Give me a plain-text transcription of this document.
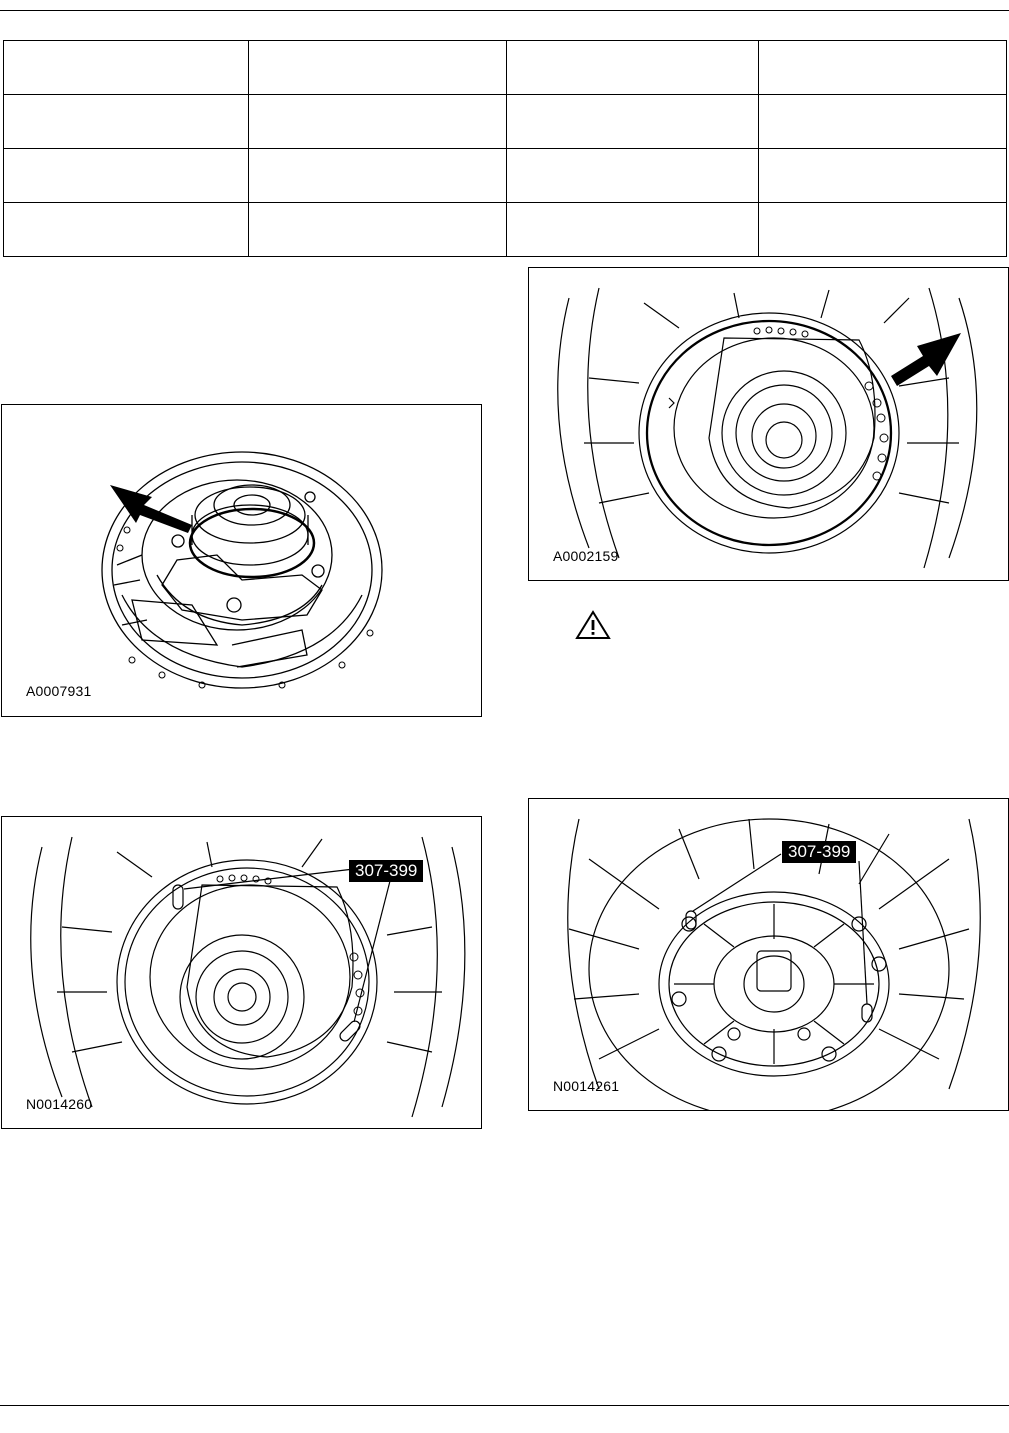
A0007931
A0002159
307-399
N0014260
307-399
N0014261
